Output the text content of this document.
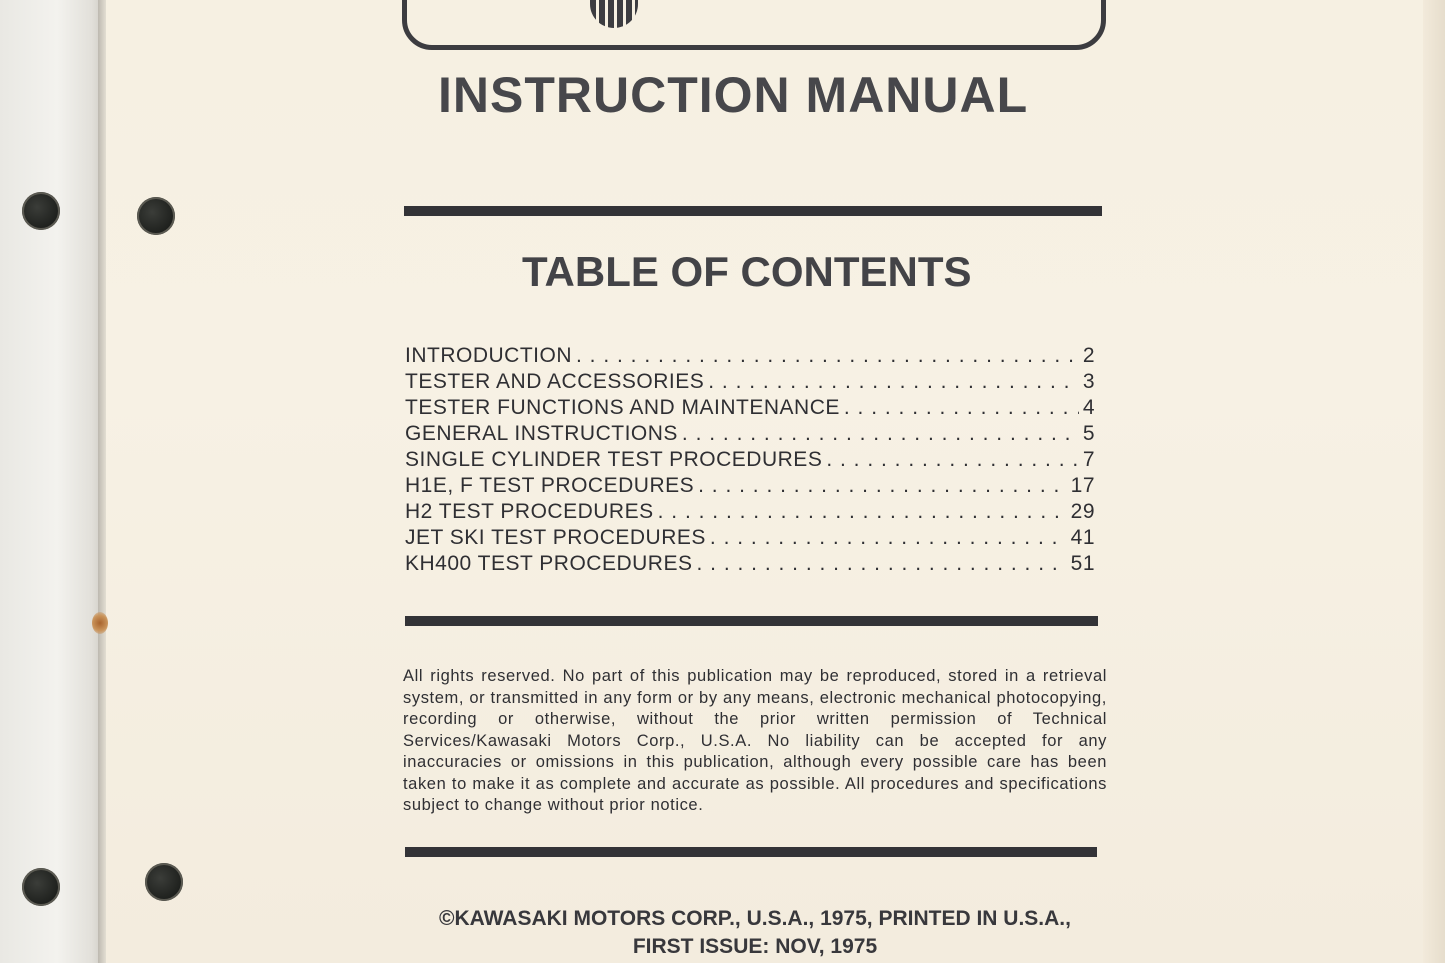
INSTRUCTION MANUAL
TABLE OF CONTENTS
INTRODUCTION . . .	2
TESTER AND ACCESSORIES . . .	3
TESTER FUNCTIONS AND MAINTENANCE . . .	4
GENERAL INSTRUCTIONS . . .	5
SINGLE CYLINDER TEST PROCEDURES . . .	7
H1E, F TEST PROCEDURES . . .	17
H2 TEST PROCEDURES . . .	29
JET SKI TEST PROCEDURES . . .	41
KH400 TEST PROCEDURES . . .	51
All rights reserved. No part of this publication may be reproduced, stored in a retrieval system, or transmitted in any form or by any means, electronic mechanical photocopying, recording or otherwise, without the prior written permission of Technical Services/Kawasaki Motors Corp., U.S.A. No liability can be accepted for any inaccuracies or omissions in this publication, although every possible care has been taken to make it as complete and accurate as possible. All procedures and specifications subject to change without prior notice.
©KAWASAKI MOTORS CORP., U.S.A., 1975, PRINTED IN U.S.A.,
FIRST ISSUE: NOV, 1975
